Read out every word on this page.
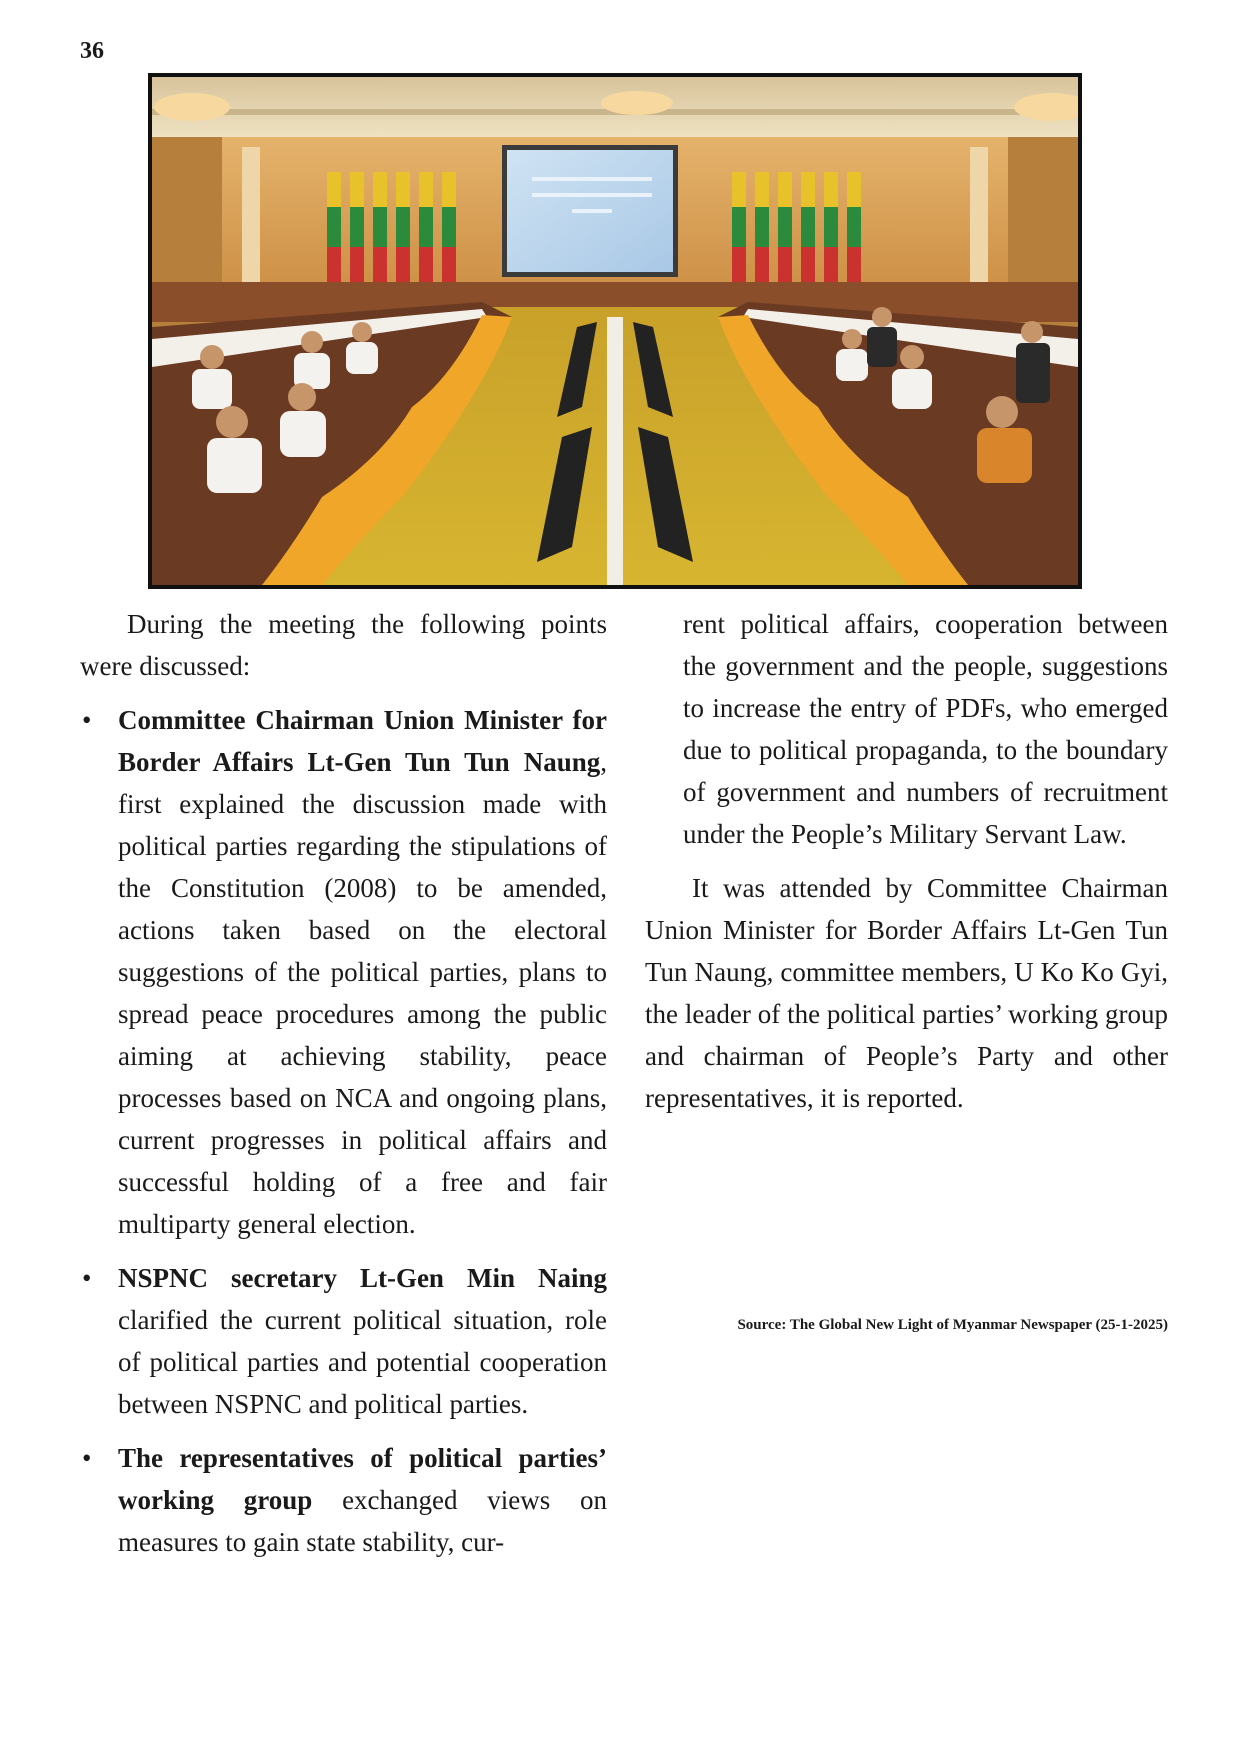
36

During the meeting the following points were discussed:

• Committee Chairman Union Minister for Border Affairs Lt-Gen Tun Tun Naung, first explained the discussion made with political parties regarding the stipulations of the Constitution (2008) to be amended, actions taken based on the electoral suggestions of the political parties, plans to spread peace procedures among the public aiming at achieving stability, peace processes based on NCA and ongoing plans, current progresses in political affairs and successful holding of a free and fair multiparty general election.
• NSPNC secretary Lt-Gen Min Naing clarified the current political situation, role of political parties and potential cooperation between NSPNC and political parties.
• The representatives of political parties’ working group exchanged views on measures to gain state stability, cur-

rent political affairs, cooperation between the government and the people, suggestions to increase the entry of PDFs, who emerged due to political propaganda, to the boundary of government and numbers of recruitment under the People’s Military Servant Law.

It was attended by Committee Chairman Union Minister for Border Affairs Lt-Gen Tun Tun Naung, committee members, U Ko Ko Gyi, the leader of the political parties’ working group and chairman of People’s Party and other representatives, it is reported.

Source: The Global New Light of Myanmar Newspaper (25-1-2025)
